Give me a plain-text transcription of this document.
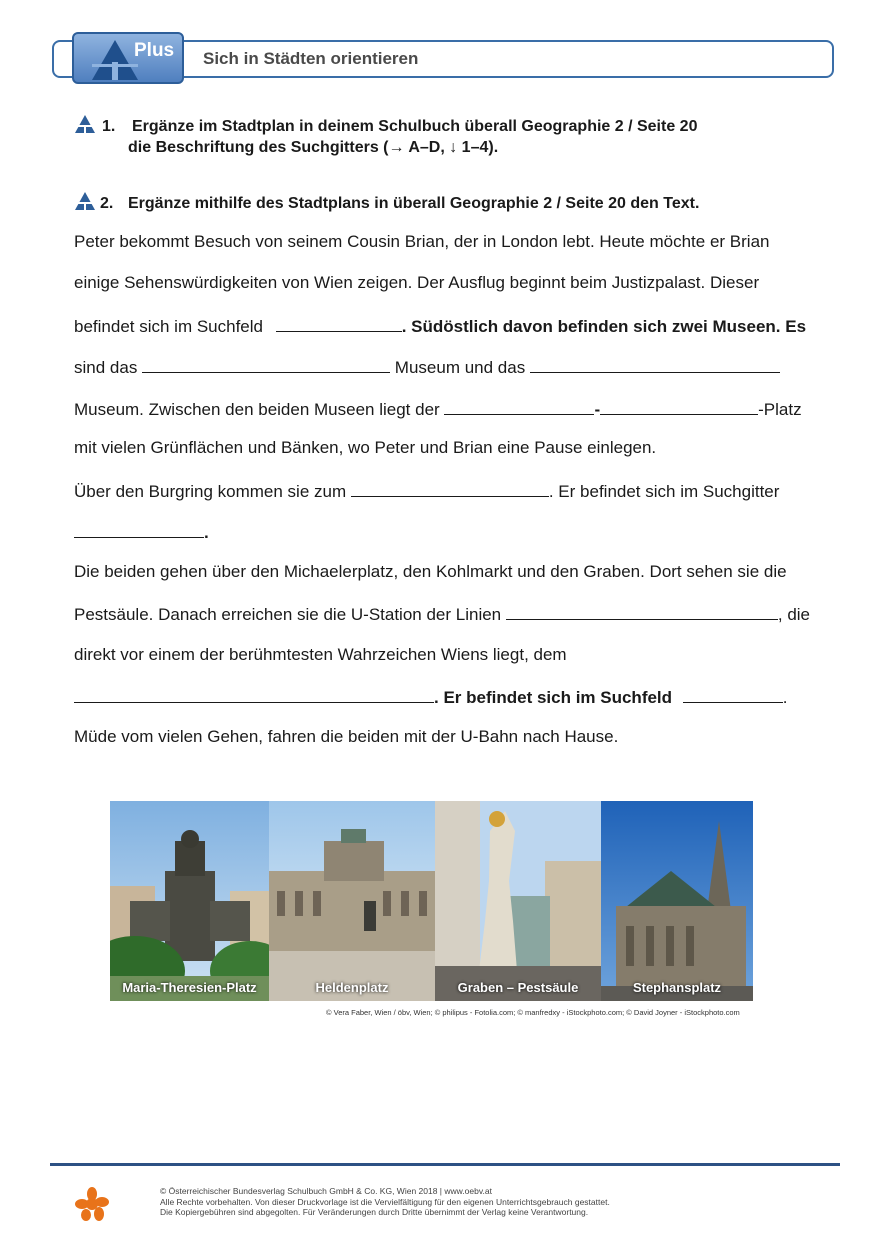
Plus Sich in Städten orientieren
1. Ergänze im Stadtplan in deinem Schulbuch überall Geographie 2 / Seite 20
die Beschriftung des Suchgitters (→ A–D, ↓ 1–4).
2. Ergänze mithilfe des Stadtplans in überall Geographie 2 / Seite 20 den Text.
Peter bekommt Besuch von seinem Cousin Brian, der in London lebt. Heute möchte er Brian
einige Sehenswürdigkeiten von Wien zeigen. Der Ausflug beginnt beim Justizpalast. Dieser
befindet sich im Suchfeld	. Südöstlich davon befinden sich zwei Museen. Es
sind das	Museum und das
Museum. Zwischen den beiden Museen liegt der	-	-Platz
mit vielen Grünflächen und Bänken, wo Peter und Brian eine Pause einlegen.
Über den Burgring kommen sie zum	. Er befindet sich im Suchgitter
.
Die beiden gehen über den Michaelerplatz, den Kohlmarkt und den Graben. Dort sehen sie die
Pestsäule. Danach erreichen sie die U-Station der Linien	, die
direkt vor einem der berühmtesten Wahrzeichen Wiens liegt, dem
. Er befindet sich im Suchfeld	.
Müde vom vielen Gehen, fahren die beiden mit der U-Bahn nach Hause.
Maria-Theresien-Platz	Heldenplatz	Graben – Pestsäule	Stephansplatz
© Vera Faber, Wien / öbv, Wien; © philipus - Fotolia.com; © manfredxy - iStockphoto.com; © David Joyner - iStockphoto.com
© Österreichischer Bundesverlag Schulbuch GmbH & Co. KG, Wien 2018 | www.oebv.at
Alle Rechte vorbehalten. Von dieser Druckvorlage ist die Vervielfältigung für den eigenen Unterrichtsgebrauch gestattet.
Die Kopiergebühren sind abgegolten. Für Veränderungen durch Dritte übernimmt der Verlag keine Verantwortung.
